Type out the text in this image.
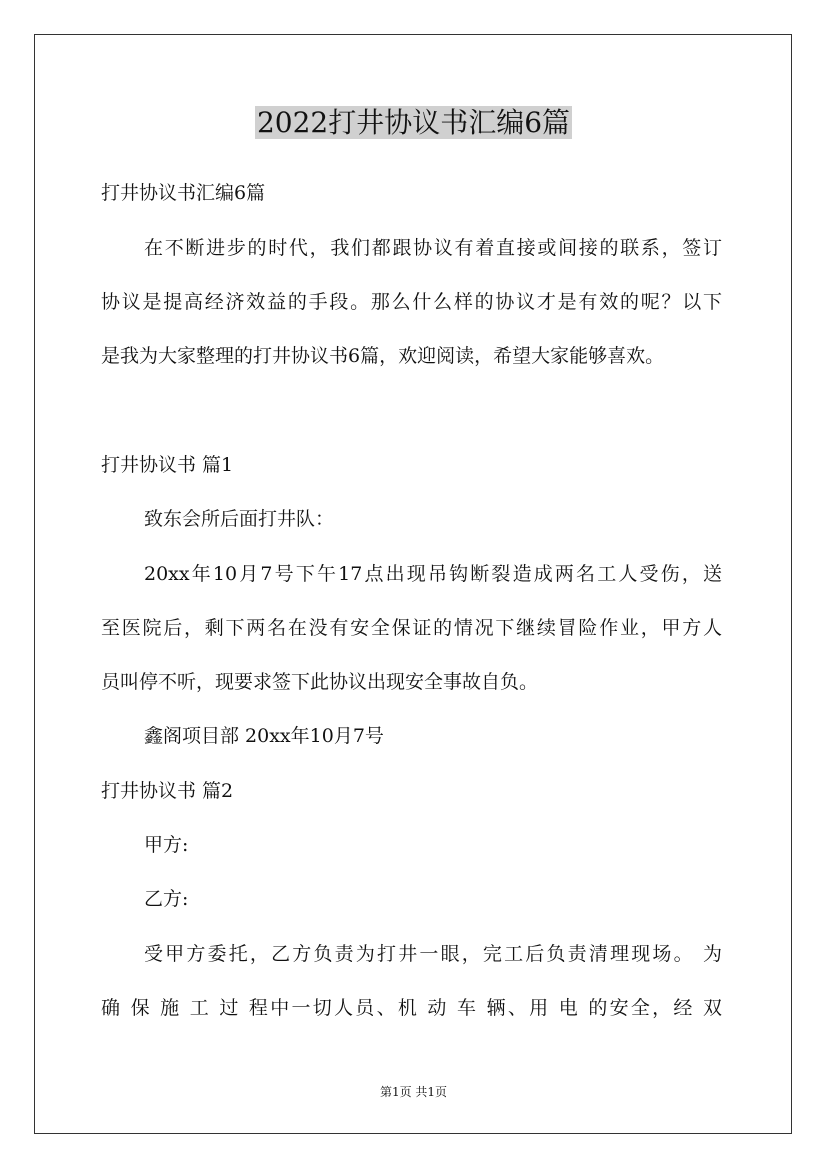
2022打井协议书汇编6篇

打井协议书汇编6篇

在不断进步的时代，我们都跟协议有着直接或间接的联系，签订

协议是提高经济效益的手段。那么什么样的协议才是有效的呢？以下

是我为大家整理的打井协议书6篇，欢迎阅读，希望大家能够喜欢。

打井协议书 篇1

致东会所后面打井队：

20xx年10月7号下午17点出现吊钩断裂造成两名工人受伤，送

至医院后，剩下两名在没有安全保证的情况下继续冒险作业，甲方人

员叫停不听，现要求签下此协议出现安全事故自负。

鑫阁项目部 20xx年10月7号

打井协议书 篇2

甲方:

乙方:

受甲方委托，乙方负责为打井一眼，完工后负责清理现场。 为

确 保 施 工 过 程中一切人员、机 动 车 辆、用 电 的安全，经 双

第1页 共1页
